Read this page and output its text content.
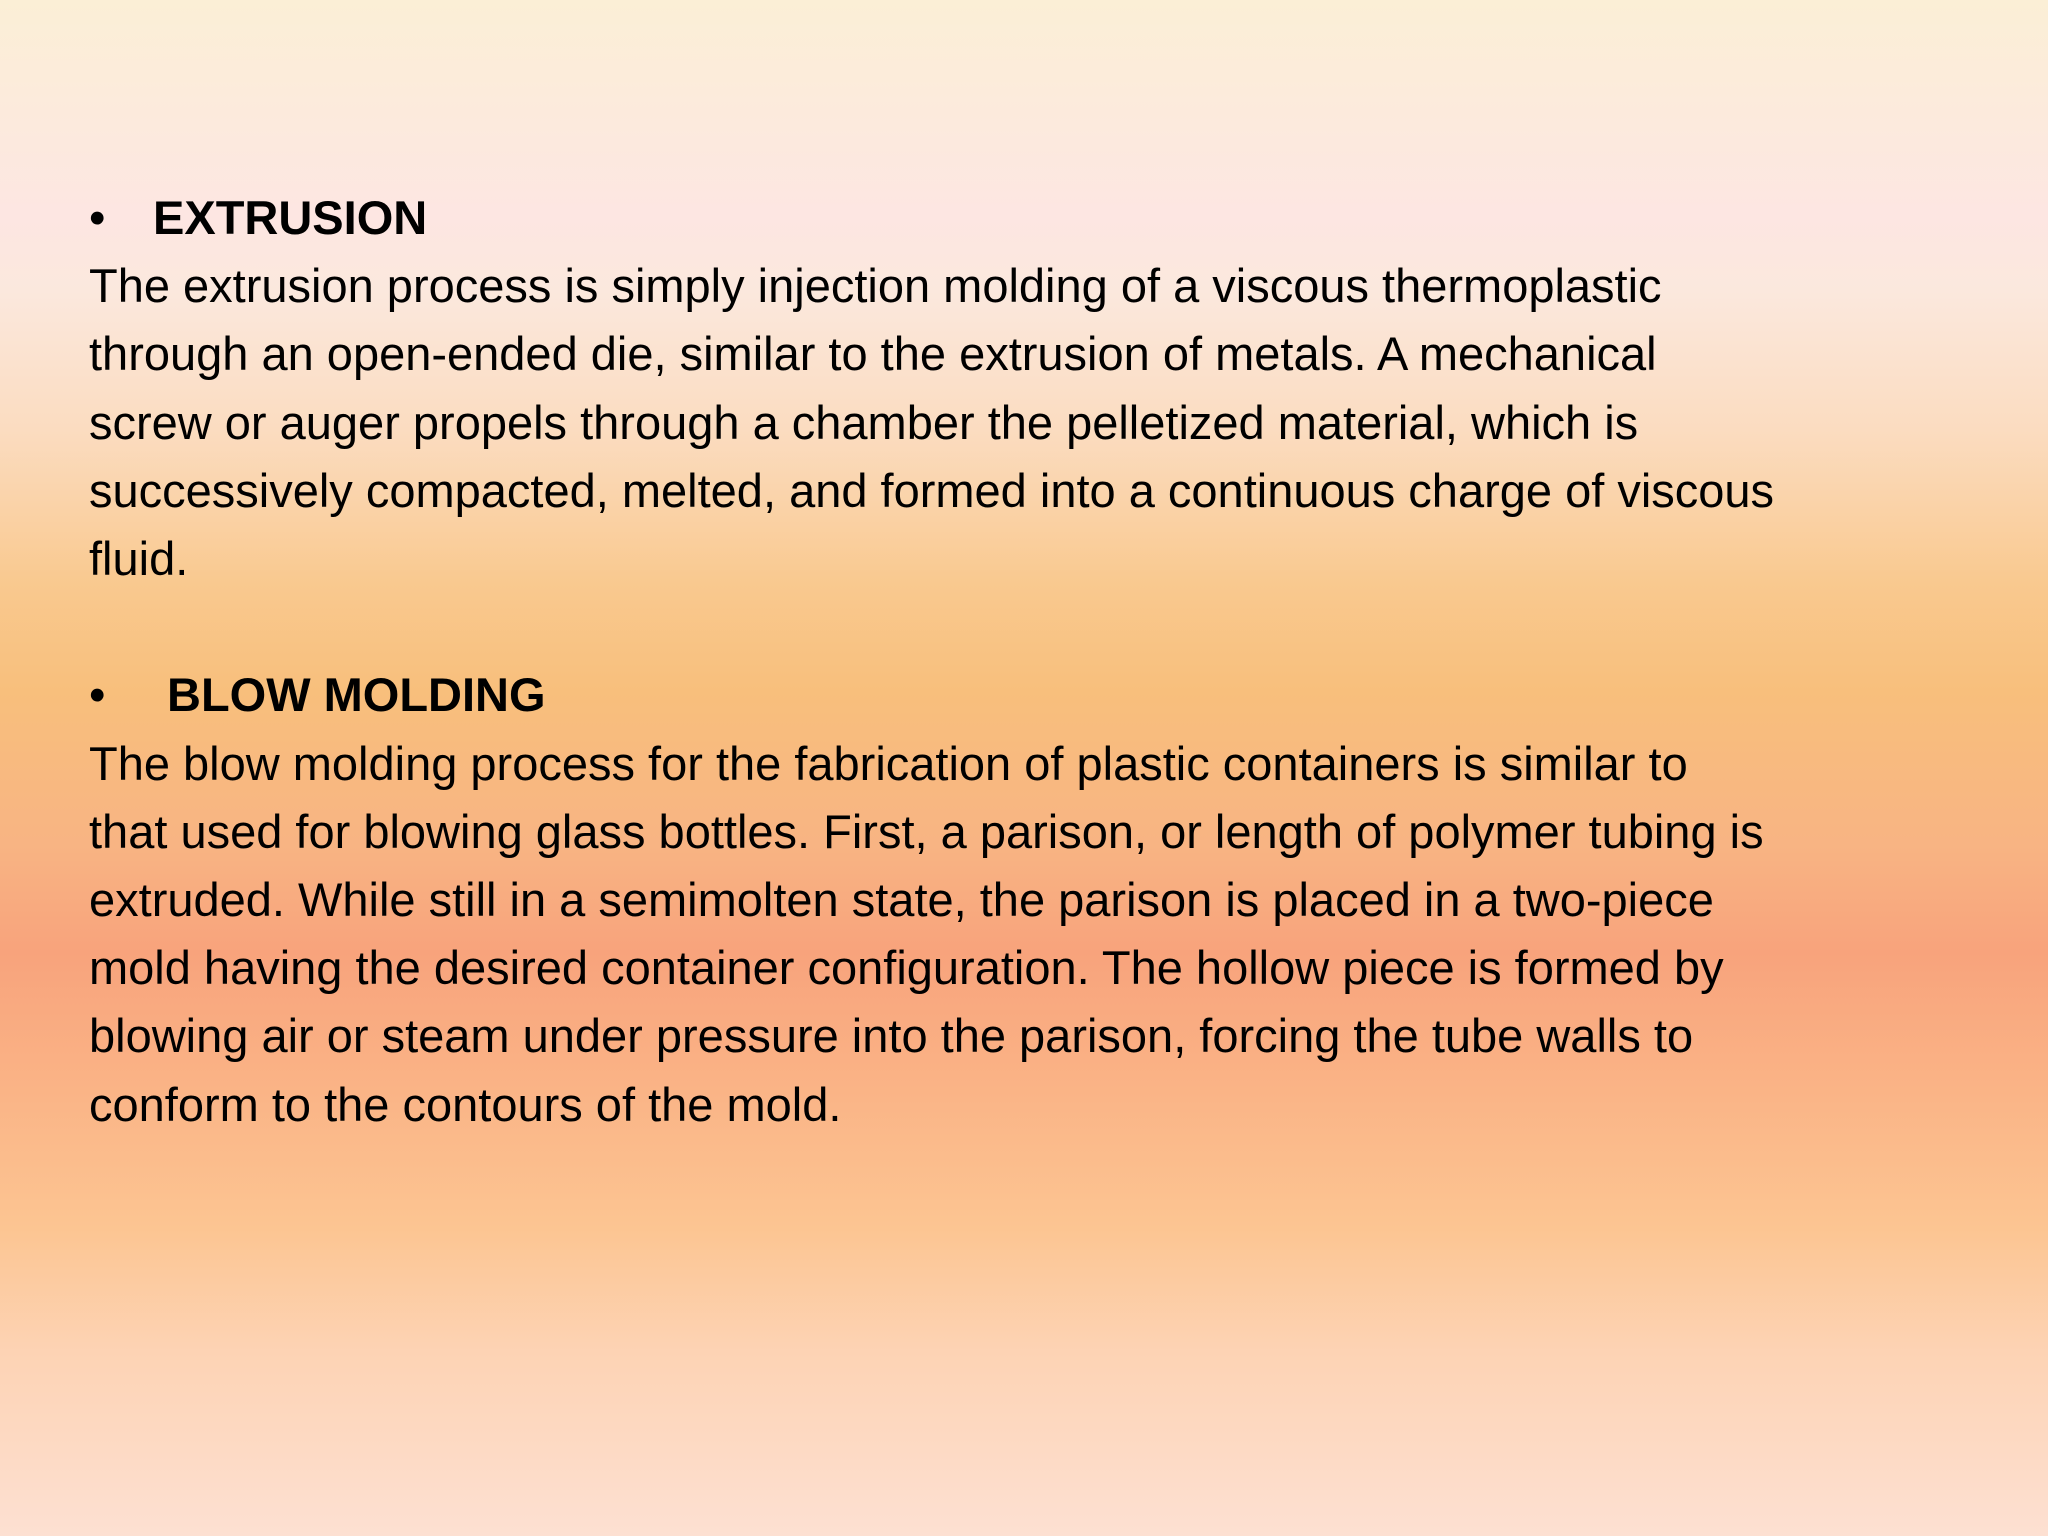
•	EXTRUSION

The extrusion process is simply injection molding of a viscous thermoplastic
through an open-ended die, similar to the extrusion of metals. A mechanical
screw or auger propels through a chamber the pelletized material, which is
successively compacted, melted, and formed into a continuous charge of viscous
fluid.

•	BLOW MOLDING

The blow molding process for the fabrication of plastic containers is similar to
that used for blowing glass bottles. First, a parison, or length of polymer tubing is
extruded. While still in a semimolten state, the parison is placed in a two-piece
mold having the desired container configuration. The hollow piece is formed by
blowing air or steam under pressure into the parison, forcing the tube walls to
conform to the contours of the mold.
